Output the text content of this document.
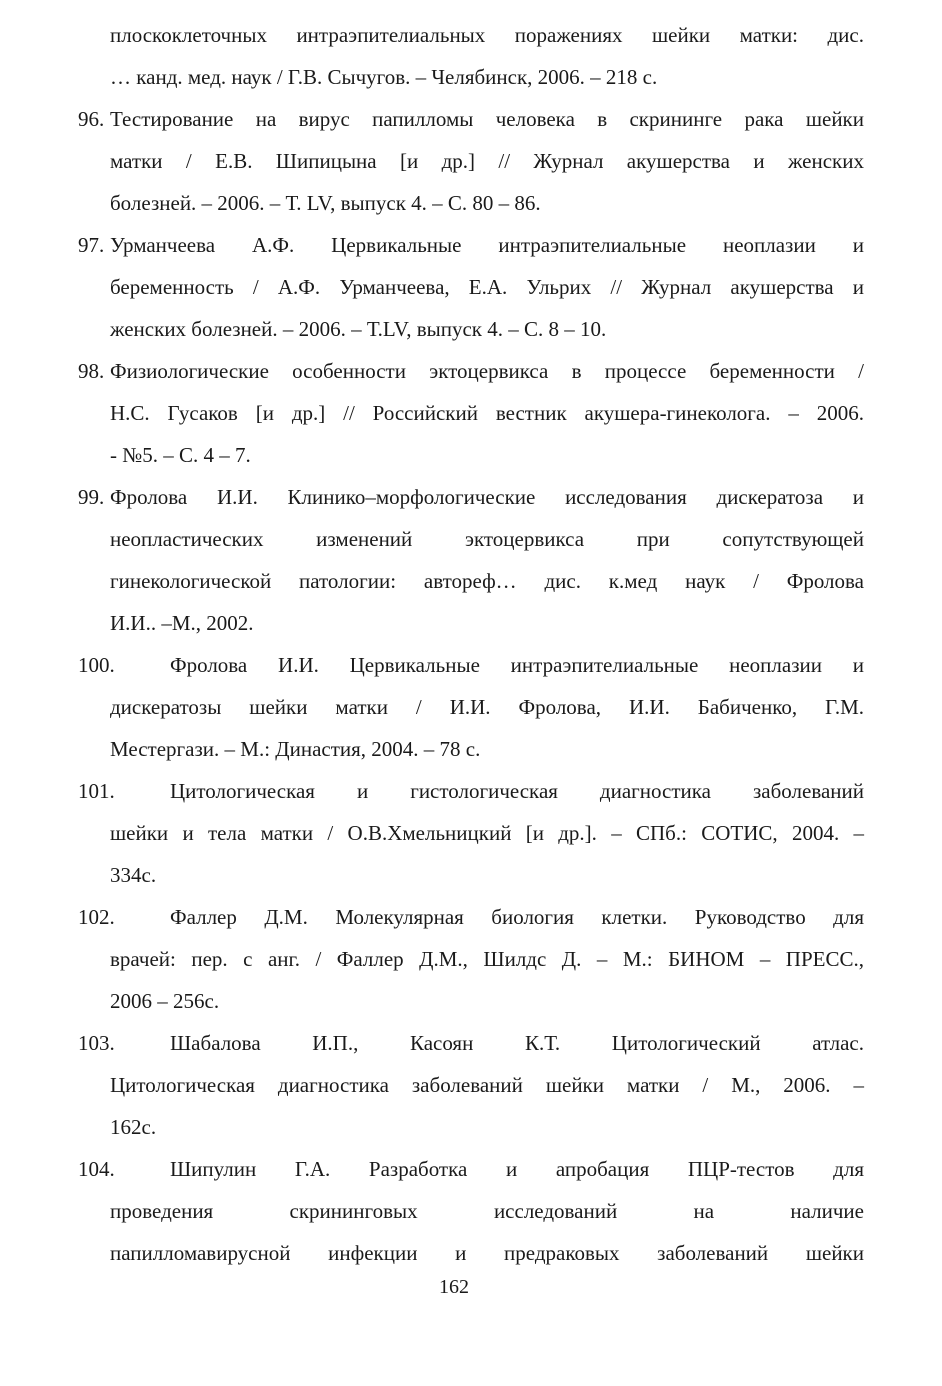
плоскоклеточных интраэпителиальных поражениях шейки матки: дис.
… канд. мед. наук / Г.В. Сычугов. – Челябинск, 2006. – 218 с.
96. Тестирование на вирус папилломы человека в скрининге рака шейки
матки / Е.В. Шипицына [и др.] // Журнал акушерства и женских
болезней. – 2006. – Т. LV, выпуск 4. – С. 80 – 86.
97. Урманчеева А.Ф. Цервикальные интраэпителиальные неоплазии и
беременность / А.Ф. Урманчеева, Е.А. Ульрих // Журнал акушерства и
женских болезней. – 2006. – Т.LV, выпуск 4. – С. 8 – 10.
98. Физиологические особенности эктоцервикса в процессе беременности /
Н.С. Гусаков [и др.] // Российский вестник акушера-гинеколога. – 2006.
- №5. – С. 4 – 7.
99. Фролова И.И. Клинико–морфологические исследования дискератоза и
неопластических изменений эктоцервикса при сопутствующей
гинекологической патологии: автореф… дис. к.мед наук / Фролова
И.И.. –М., 2002.
100.	Фролова И.И. Цервикальные интраэпителиальные неоплазии и
дискератозы шейки матки / И.И. Фролова, И.И. Бабиченко, Г.М.
Местергази. – М.: Династия, 2004. – 78 с.
101.	Цитологическая и гистологическая диагностика заболеваний
шейки и тела матки / О.В.Хмельницкий [и др.]. – СПб.: СОТИС, 2004. –
334с.
102.	Фаллер Д.М. Молекулярная биология клетки. Руководство для
врачей: пер. с анг. / Фаллер Д.М., Шилдс Д. – М.: БИНОМ – ПРЕСС.,
2006 – 256с.
103.	Шабалова И.П., Касоян К.Т. Цитологический атлас.
Цитологическая диагностика заболеваний шейки матки / М., 2006. –
162с.
104.	Шипулин Г.А. Разработка и апробация ПЦР-тестов для
проведения скрининговых исследований на наличие
папилломавирусной инфекции и предраковых заболеваний шейки
162
